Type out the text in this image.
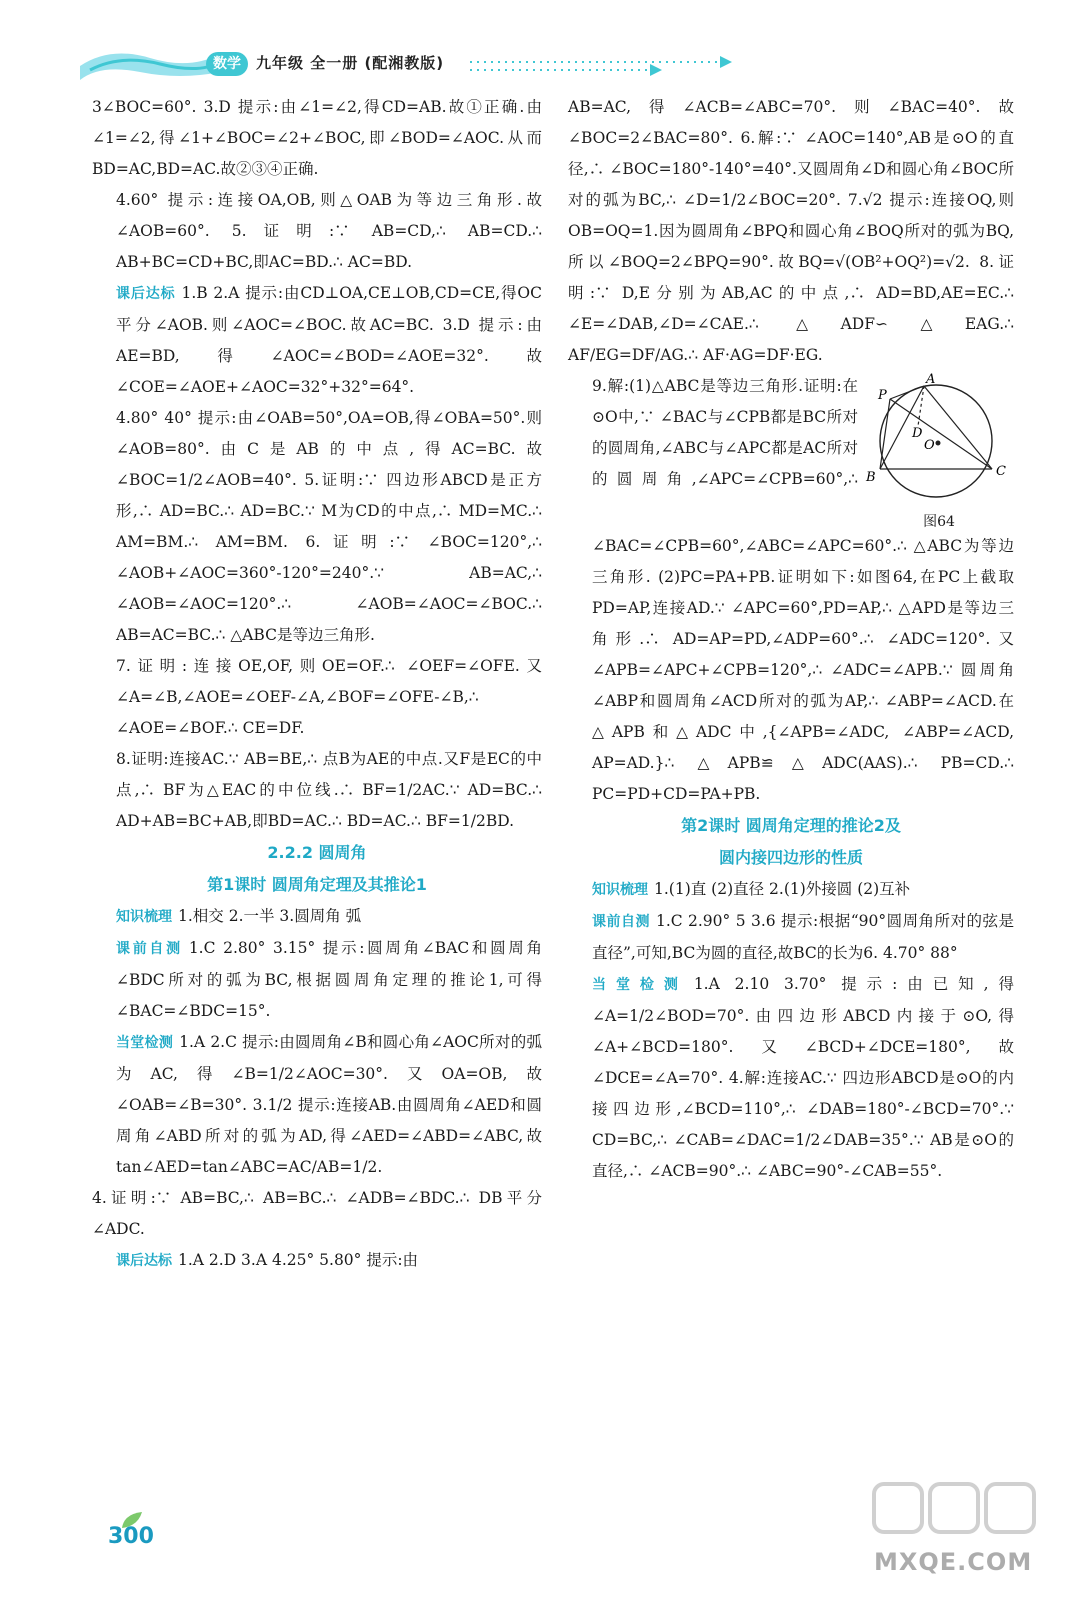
数学	九年级 全一册 (配湘教版)

3∠BOC=60°. 3.D 提示:由∠1=∠2,得CD=AB.故①正确.由∠1=∠2,得∠1+∠BOC=∠2+∠BOC,即∠BOD=∠AOC.从而BD=AC,BD=AC.故②③④正确.

4.60° 提示:连接OA,OB,则△OAB为等边三角形.故∠AOB=60°. 5.证明:∵ AB=CD,∴ AB=CD.∴ AB+BC=CD+BC,即AC=BD.∴ AC=BD.

课后达标 1.B 2.A 提示:由CD⊥OA,CE⊥OB,CD=CE,得OC平分∠AOB.则∠AOC=∠BOC.故AC=BC. 3.D 提示:由AE=BD,得∠AOC=∠BOD=∠AOE=32°.故∠COE=∠AOE+∠AOC=32°+32°=64°.

4.80° 40° 提示:由∠OAB=50°,OA=OB,得∠OBA=50°.则∠AOB=80°.由C是AB的中点,得AC=BC.故∠BOC=1/2∠AOB=40°. 5.证明:∵ 四边形ABCD是正方形,∴ AD=BC.∴ AD=BC.∵ M为CD的中点,∴ MD=MC.∴ AM=BM.∴ AM=BM. 6.证明:∵ ∠BOC=120°,∴ ∠AOB+∠AOC=360°-120°=240°.∵ AB=AC,∴ ∠AOB=∠AOC=120°.∴ ∠AOB=∠AOC=∠BOC.∴ AB=AC=BC.∴ △ABC是等边三角形.

7.证明:连接OE,OF,则OE=OF.∴ ∠OEF=∠OFE.又∠A=∠B,∠AOE=∠OEF-∠A,∠BOF=∠OFE-∠B,∴ ∠AOE=∠BOF.∴ CE=DF.

8.证明:连接AC.∵ AB=BE,∴ 点B为AE的中点.又F是EC的中点,∴ BF为△EAC的中位线.∴ BF=1/2AC.∵ AD=BC.∴ AD+AB=BC+AB,即BD=AC.∴ BD=AC.∴ BF=1/2BD.

2.2.2 圆周角
第1课时 圆周角定理及其推论1

知识梳理 1.相交 2.一半 3.圆周角 弧

课前自测 1.C 2.80° 3.15° 提示:圆周角∠BAC和圆周角∠BDC所对的弧为BC,根据圆周角定理的推论1,可得∠BAC=∠BDC=15°.

当堂检测 1.A 2.C 提示:由圆周角∠B和圆心角∠AOC所对的弧为AC,得∠B=1/2∠AOC=30°.又OA=OB,故∠OAB=∠B=30°. 3.1/2 提示:连接AB.由圆周角∠AED和圆周角∠ABD所对的弧为AD,得∠AED=∠ABD=∠ABC,故tan∠AED=tan∠ABC=AC/AB=1/2.

4.证明:∵ AB=BC,∴ AB=BC.∴ ∠ADB=∠BDC.∴ DB平分∠ADC.

课后达标 1.A 2.D 3.A 4.25° 5.80° 提示:由

AB=AC,得∠ACB=∠ABC=70°.则∠BAC=40°.故∠BOC=2∠BAC=80°. 6.解:∵ ∠AOC=140°,AB是⊙O的直径,∴ ∠BOC=180°-140°=40°.又圆周角∠D和圆心角∠BOC所对的弧为BC,∴ ∠D=1/2∠BOC=20°. 7.√2 提示:连接OQ,则OB=OQ=1.因为圆周角∠BPQ和圆心角∠BOQ所对的弧为BQ,所以∠BOQ=2∠BPQ=90°.故BQ=√(OB²+OQ²)=√2. 8.证明:∵ D,E分别为AB,AC的中点,∴ AD=BD,AE=EC.∴ ∠E=∠DAB,∠D=∠CAE.∴ △ADF∽△EAG.∴ AF/EG=DF/AG.∴ AF·AG=DF·EG.

A
P
D
O
B	C
图64

9.解:(1)△ABC是等边三角形.证明:在⊙O中,∵ ∠BAC与∠CPB都是BC所对的圆周角,∠ABC与∠APC都是AC所对的圆周角,∠APC=∠CPB=60°,∴ ∠BAC=∠CPB=60°,∠ABC=∠APC=60°.∴ △ABC为等边三角形. (2)PC=PA+PB.证明如下:如图64,在PC上截取PD=AP,连接AD.∵ ∠APC=60°,PD=AP,∴ △APD是等边三角形.∴ AD=AP=PD,∠ADP=60°.∴ ∠ADC=120°.又∠APB=∠APC+∠CPB=120°,∴ ∠ADC=∠APB.∵ 圆周角∠ABP和圆周角∠ACD所对的弧为AP,∴ ∠ABP=∠ACD.在△APB和△ADC中,{∠APB=∠ADC, ∠ABP=∠ACD, AP=AD.}∴ △APB≌△ADC(AAS).∴ PB=CD.∴ PC=PD+CD=PA+PB.

第2课时 圆周角定理的推论2及
圆内接四边形的性质

知识梳理 1.(1)直 (2)直径 2.(1)外接圆 (2)互补

课前自测 1.C 2.90° 5 3.6 提示:根据“90°圆周角所对的弦是直径”,可知,BC为圆的直径,故BC的长为6. 4.70° 88°

当堂检测 1.A 2.10 3.70° 提示:由已知,得∠A=1/2∠BOD=70°.由四边形ABCD内接于⊙O,得∠A+∠BCD=180°.又∠BCD+∠DCE=180°,故∠DCE=∠A=70°. 4.解:连接AC.∵ 四边形ABCD是⊙O的内接四边形,∠BCD=110°,∴ ∠DAB=180°-∠BCD=70°.∵ CD=BC,∴ ∠CAB=∠DAC=1/2∠DAB=35°.∵ AB是⊙O的直径,∴ ∠ACB=90°.∴ ∠ABC=90°-∠CAB=55°.

300
MXQE.COM
